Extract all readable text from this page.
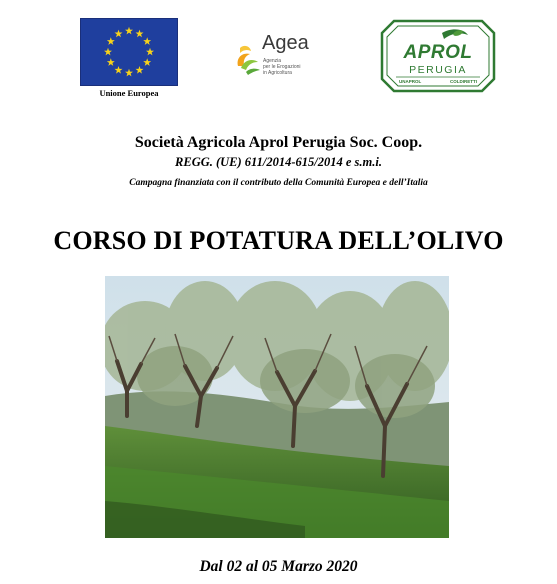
Unione Europea
Agea
Agenzia
per le Erogazioni
in Agricoltura
APROL
PERUGIA
UNAPROL	COLDIRETTI
Società Agricola Aprol Perugia Soc. Coop.
REGG. (UE) 611/2014-615/2014 e s.m.i.
Campagna finanziata con il contributo della Comunità Europea e dell’Italia
CORSO DI POTATURA DELL’OLIVO
Dal 02 al 05 Marzo 2020
